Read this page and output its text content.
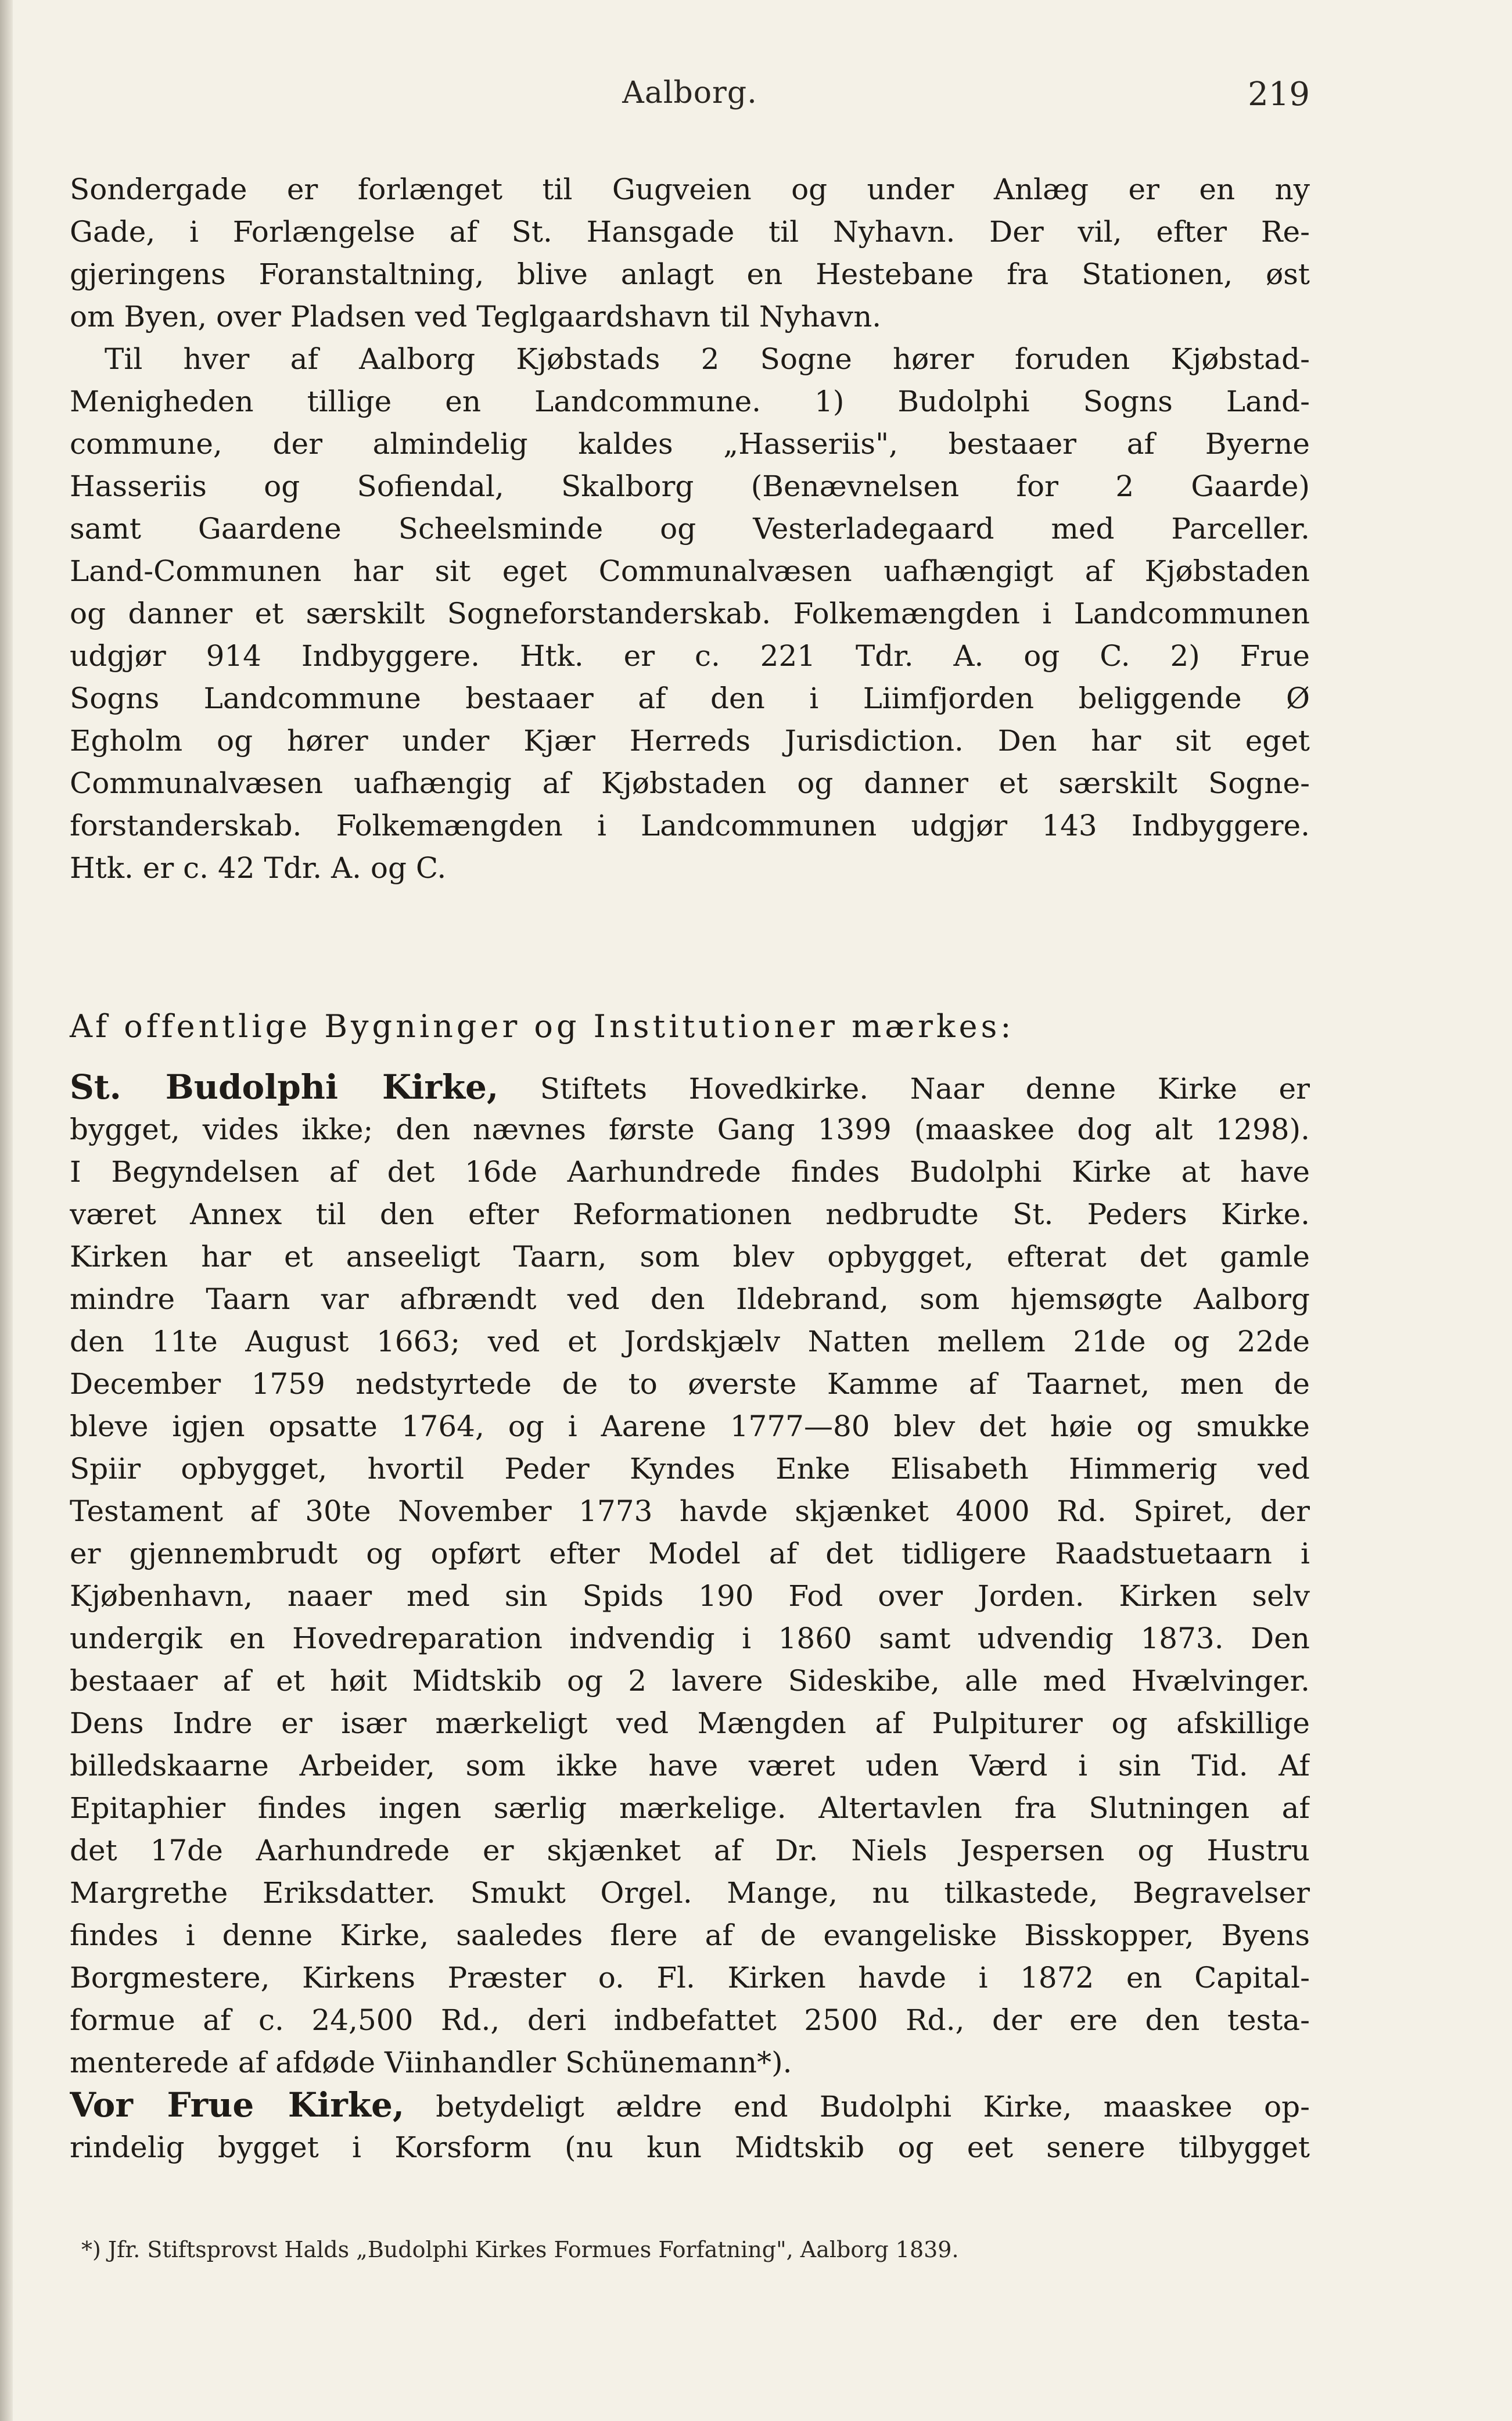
Aalborg.	219
Sondergade er forlænget til Gugveien og under Anlæg er en ny
Gade, i Forlængelse af St. Hansgade til Nyhavn. Der vil, efter Re-
gjeringens Foranstaltning, blive anlagt en Hestebane fra Stationen, øst
om Byen, over Pladsen ved Teglgaardshavn til Nyhavn.
Til hver af Aalborg Kjøbstads 2 Sogne hører foruden Kjøbstad-
Menigheden tillige en Landcommune. 1) Budolphi Sogns Land-
commune, der almindelig kaldes „Hasseriis", bestaaer af Byerne
Hasseriis og Sofiendal, Skalborg (Benævnelsen for 2 Gaarde)
samt Gaardene Scheelsminde og Vesterladegaard med Parceller.
Land-Communen har sit eget Communalvæsen uafhængigt af Kjøbstaden
og danner et særskilt Sogneforstanderskab. Folkemængden i Landcommunen
udgjør 914 Indbyggere. Htk. er c. 221 Tdr. A. og C. 2) Frue
Sogns Landcommune bestaaer af den i Liimfjorden beliggende Ø
Egholm og hører under Kjær Herreds Jurisdiction. Den har sit eget
Communalvæsen uafhængig af Kjøbstaden og danner et særskilt Sogne-
forstanderskab. Folkemængden i Landcommunen udgjør 143 Indbyggere.
Htk. er c. 42 Tdr. A. og C.
Af offentlige Bygninger og Institutioner mærkes:
St. Budolphi Kirke, Stiftets Hovedkirke. Naar denne Kirke er
bygget, vides ikke; den nævnes første Gang 1399 (maaskee dog alt 1298).
I Begyndelsen af det 16de Aarhundrede findes Budolphi Kirke at have
været Annex til den efter Reformationen nedbrudte St. Peders Kirke.
Kirken har et anseeligt Taarn, som blev opbygget, efterat det gamle
mindre Taarn var afbrændt ved den Ildebrand, som hjemsøgte Aalborg
den 11te August 1663; ved et Jordskjælv Natten mellem 21de og 22de
December 1759 nedstyrtede de to øverste Kamme af Taarnet, men de
bleve igjen opsatte 1764, og i Aarene 1777—80 blev det høie og smukke
Spiir opbygget, hvortil Peder Kyndes Enke Elisabeth Himmerig ved
Testament af 30te November 1773 havde skjænket 4000 Rd. Spiret, der
er gjennembrudt og opført efter Model af det tidligere Raadstuetaarn i
Kjøbenhavn, naaer med sin Spids 190 Fod over Jorden. Kirken selv
undergik en Hovedreparation indvendig i 1860 samt udvendig 1873. Den
bestaaer af et høit Midtskib og 2 lavere Sideskibe, alle med Hvælvinger.
Dens Indre er især mærkeligt ved Mængden af Pulpiturer og afskillige
billedskaarne Arbeider, som ikke have været uden Værd i sin Tid. Af
Epitaphier findes ingen særlig mærkelige. Altertavlen fra Slutningen af
det 17de Aarhundrede er skjænket af Dr. Niels Jespersen og Hustru
Margrethe Eriksdatter. Smukt Orgel. Mange, nu tilkastede, Begravelser
findes i denne Kirke, saaledes flere af de evangeliske Bisskopper, Byens
Borgmestere, Kirkens Præster o. Fl. Kirken havde i 1872 en Capital-
formue af c. 24,500 Rd., deri indbefattet 2500 Rd., der ere den testa-
menterede af afdøde Viinhandler Schünemann*).
Vor Frue Kirke, betydeligt ældre end Budolphi Kirke, maaskee op-
rindelig bygget i Korsform (nu kun Midtskib og eet senere tilbygget
*) Jfr. Stiftsprovst Halds „Budolphi Kirkes Formues Forfatning", Aalborg 1839.
